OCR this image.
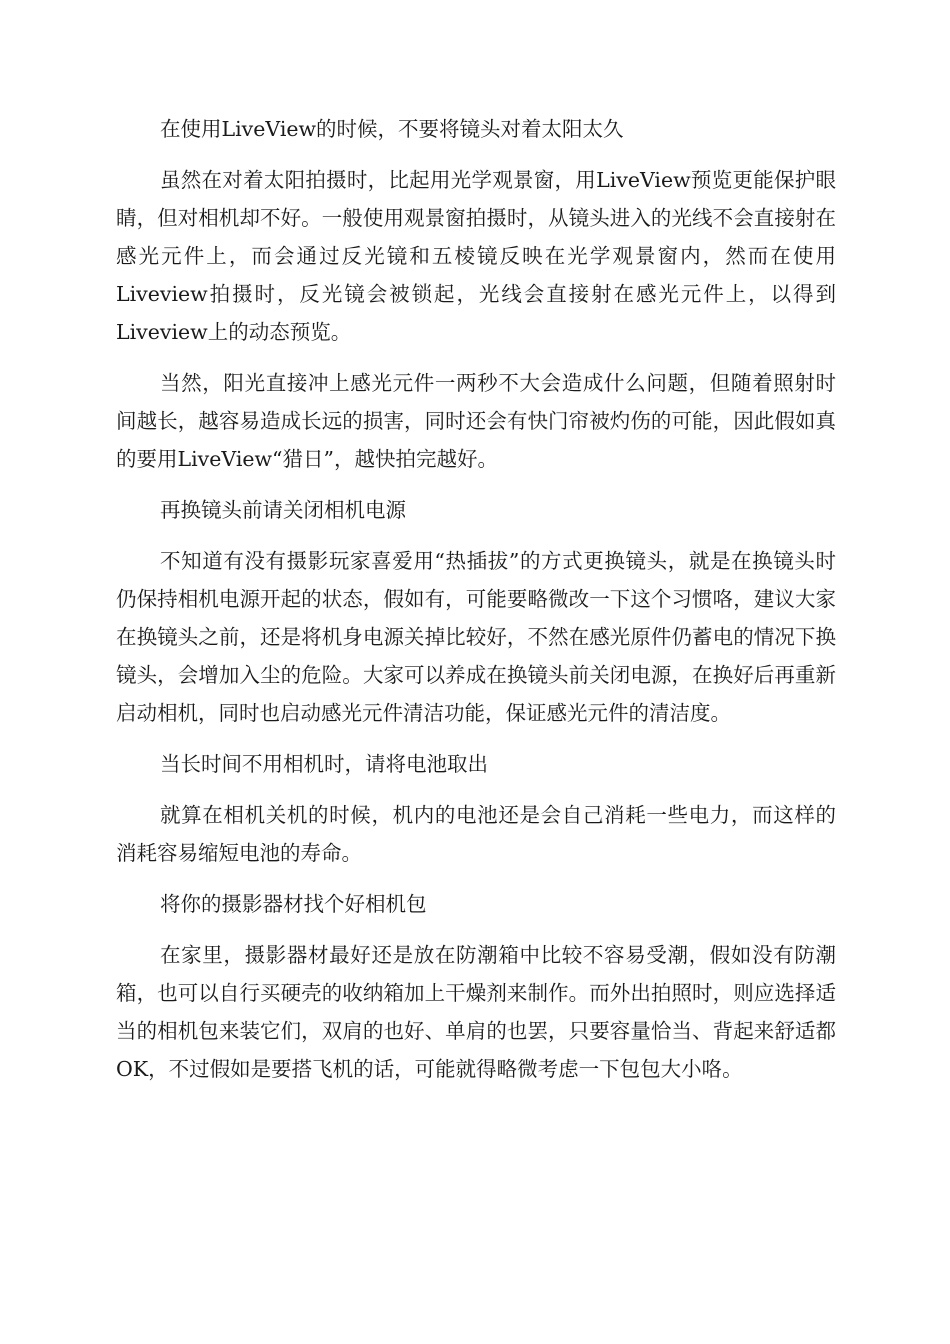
在使用LiveView的时候，不要将镜头对着太阳太久

虽然在对着太阳拍摄时，比起用光学观景窗，用LiveView预览更能保护眼睛，但对相机却不好。一般使用观景窗拍摄时，从镜头进入的光线不会直接射在感光元件上，而会通过反光镜和五棱镜反映在光学观景窗内，然而在使用Liveview拍摄时，反光镜会被锁起，光线会直接射在感光元件上，以得到Liveview上的动态预览。

当然，阳光直接冲上感光元件一两秒不大会造成什么问题，但随着照射时间越长，越容易造成长远的损害，同时还会有快门帘被灼伤的可能，因此假如真的要用LiveView“猎日”，越快拍完越好。

再换镜头前请关闭相机电源

不知道有没有摄影玩家喜爱用“热插拔”的方式更换镜头，就是在换镜头时仍保持相机电源开起的状态，假如有，可能要略微改一下这个习惯咯，建议大家在换镜头之前，还是将机身电源关掉比较好，不然在感光原件仍蓄电的情况下换镜头，会增加入尘的危险。大家可以养成在换镜头前关闭电源，在换好后再重新启动相机，同时也启动感光元件清洁功能，保证感光元件的清洁度。

当长时间不用相机时，请将电池取出

就算在相机关机的时候，机内的电池还是会自己消耗一些电力，而这样的消耗容易缩短电池的寿命。

将你的摄影器材找个好相机包

在家里，摄影器材最好还是放在防潮箱中比较不容易受潮，假如没有防潮箱，也可以自行买硬壳的收纳箱加上干燥剂来制作。而外出拍照时，则应选择适当的相机包来装它们，双肩的也好、单肩的也罢，只要容量恰当、背起来舒适都OK，不过假如是要搭飞机的话，可能就得略微考虑一下包包大小咯。
